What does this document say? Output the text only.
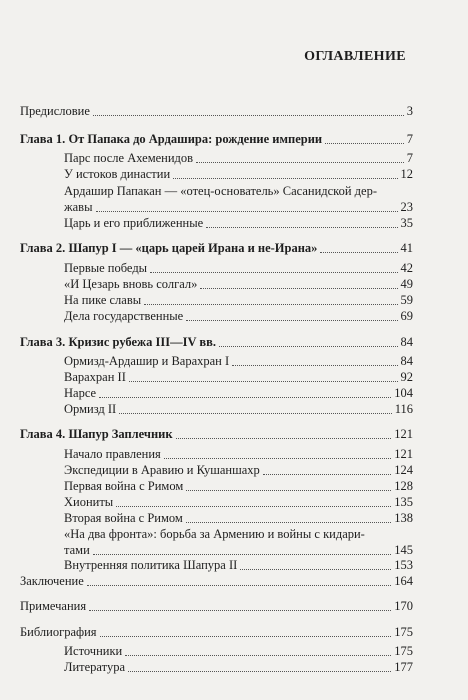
ОГЛАВЛЕНИЕ
Предисловие	3
Глава 1. От Папака до Ардашира: рождение империи	7
Парс после Ахеменидов	7
У истоков династии	12
Ардашир Папакан — «отец-основатель» Сасанидской дер-
жавы	23
Царь и его приближенные	35
Глава 2. Шапур I — «царь царей Ирана и не-Ирана»	41
Первые победы	42
«И Цезарь вновь солгал»	49
На пике славы	59
Дела государственные	69
Глава 3. Кризис рубежа III—IV вв.	84
Ормизд-Ардашир и Варахран I	84
Варахран II	92
Нарсе	104
Ормизд II	116
Глава 4. Шапур Заплечник	121
Начало правления	121
Экспедиции в Аравию и Кушаншахр	124
Первая война с Римом	128
Хиониты	135
Вторая война с Римом	138
«На два фронта»: борьба за Армению и войны с кидари-
тами	145
Внутренняя политика Шапура II	153
Заключение	164
Примечания	170
Библиография	175
Источники	175
Литература	177
